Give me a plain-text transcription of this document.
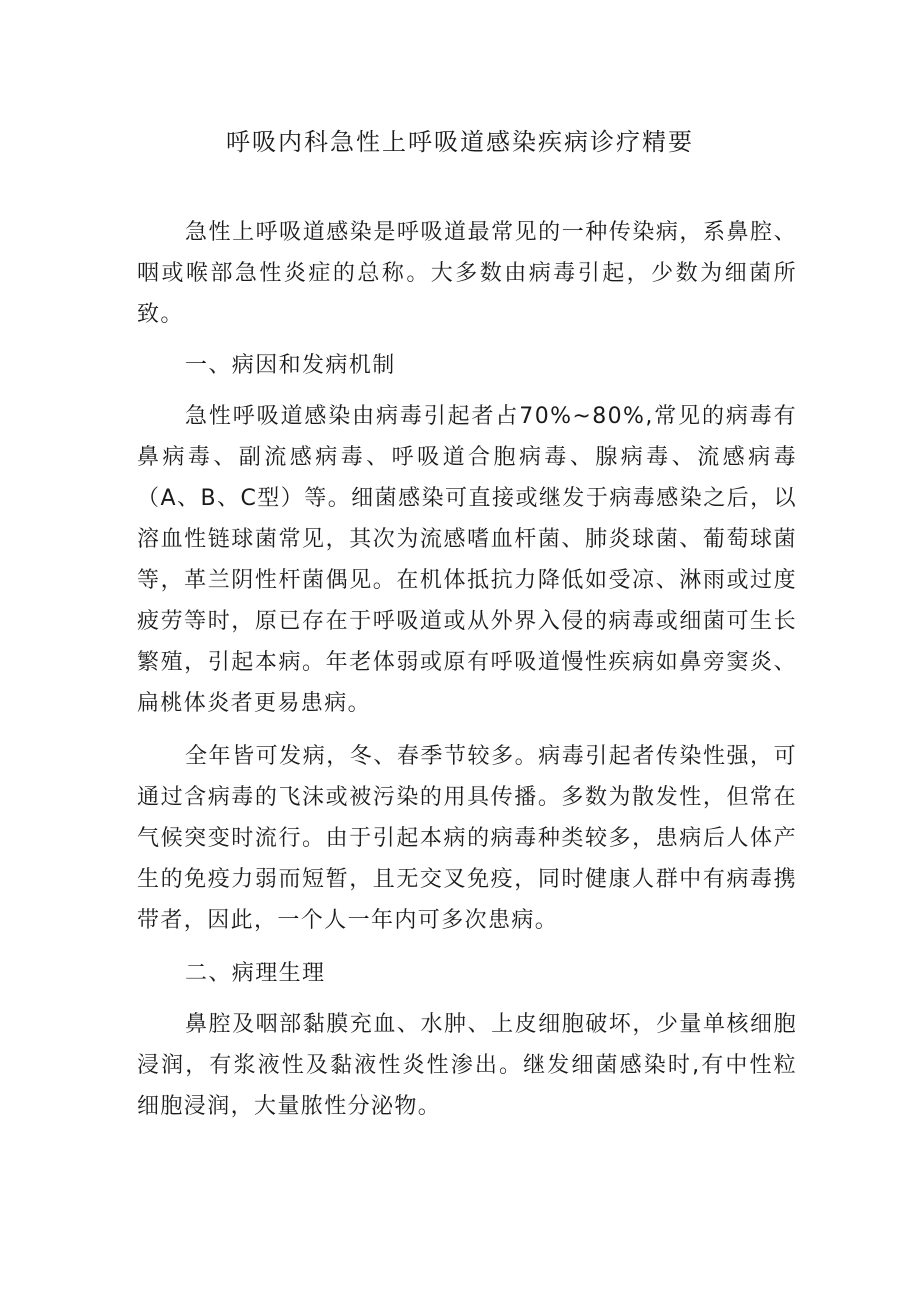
呼吸内科急性上呼吸道感染疾病诊疗精要

急性上呼吸道感染是呼吸道最常见的一种传染病，系鼻腔、咽或喉部急性炎症的总称。大多数由病毒引起，少数为细菌所致。

一、病因和发病机制

急性呼吸道感染由病毒引起者占70%~80%,常见的病毒有鼻病毒、副流感病毒、呼吸道合胞病毒、腺病毒、流感病毒（A、B、C型）等。细菌感染可直接或继发于病毒感染之后，以溶血性链球菌常见，其次为流感嗜血杆菌、肺炎球菌、葡萄球菌等，革兰阴性杆菌偶见。在机体抵抗力降低如受凉、淋雨或过度疲劳等时，原已存在于呼吸道或从外界入侵的病毒或细菌可生长繁殖，引起本病。年老体弱或原有呼吸道慢性疾病如鼻旁窦炎、扁桃体炎者更易患病。

全年皆可发病，冬、春季节较多。病毒引起者传染性强，可通过含病毒的飞沫或被污染的用具传播。多数为散发性，但常在气候突变时流行。由于引起本病的病毒种类较多，患病后人体产生的免疫力弱而短暂，且无交叉免疫，同时健康人群中有病毒携带者，因此，一个人一年内可多次患病。

二、病理生理

鼻腔及咽部黏膜充血、水肿、上皮细胞破坏，少量单核细胞浸润，有浆液性及黏液性炎性渗出。继发细菌感染时,有中性粒细胞浸润，大量脓性分泌物。
